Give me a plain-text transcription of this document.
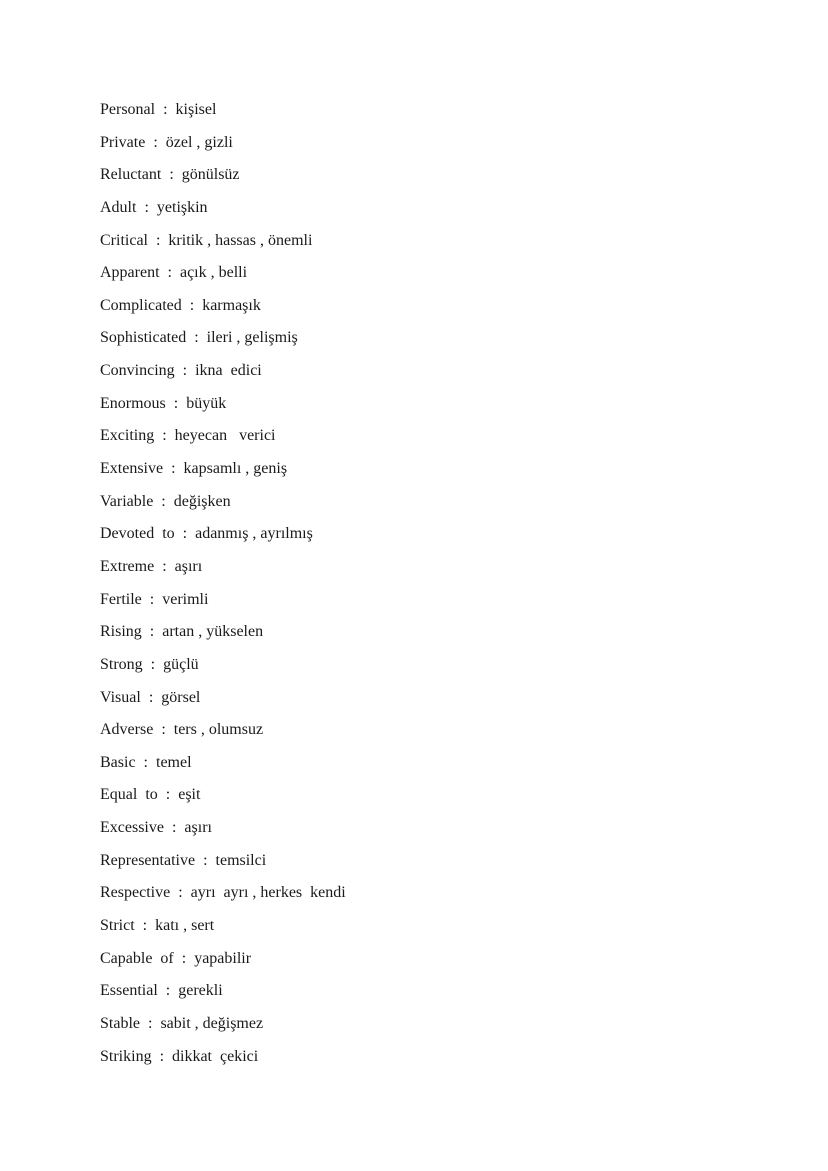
Personal  :  kişisel
Private  :  özel , gizli
Reluctant  :  gönülsüz
Adult  :  yetişkin
Critical  :  kritik , hassas , önemli
Apparent  :  açık , belli
Complicated  :  karmaşık
Sophisticated  :  ileri , gelişmiş
Convincing  :  ikna  edici
Enormous  :  büyük
Exciting  :  heyecan   verici
Extensive  :  kapsamlı , geniş
Variable  :  değişken
Devoted  to  :  adanmış , ayrılmış
Extreme  :  aşırı
Fertile  :  verimli
Rising  :  artan , yükselen
Strong  :  güçlü
Visual  :  görsel
Adverse  :  ters , olumsuz
Basic  :  temel
Equal  to  :  eşit
Excessive  :  aşırı
Representative  :  temsilci
Respective  :  ayrı  ayrı , herkes  kendi
Strict  :  katı , sert
Capable  of  :  yapabilir
Essential  :  gerekli
Stable  :  sabit , değişmez
Striking  :  dikkat  çekici
